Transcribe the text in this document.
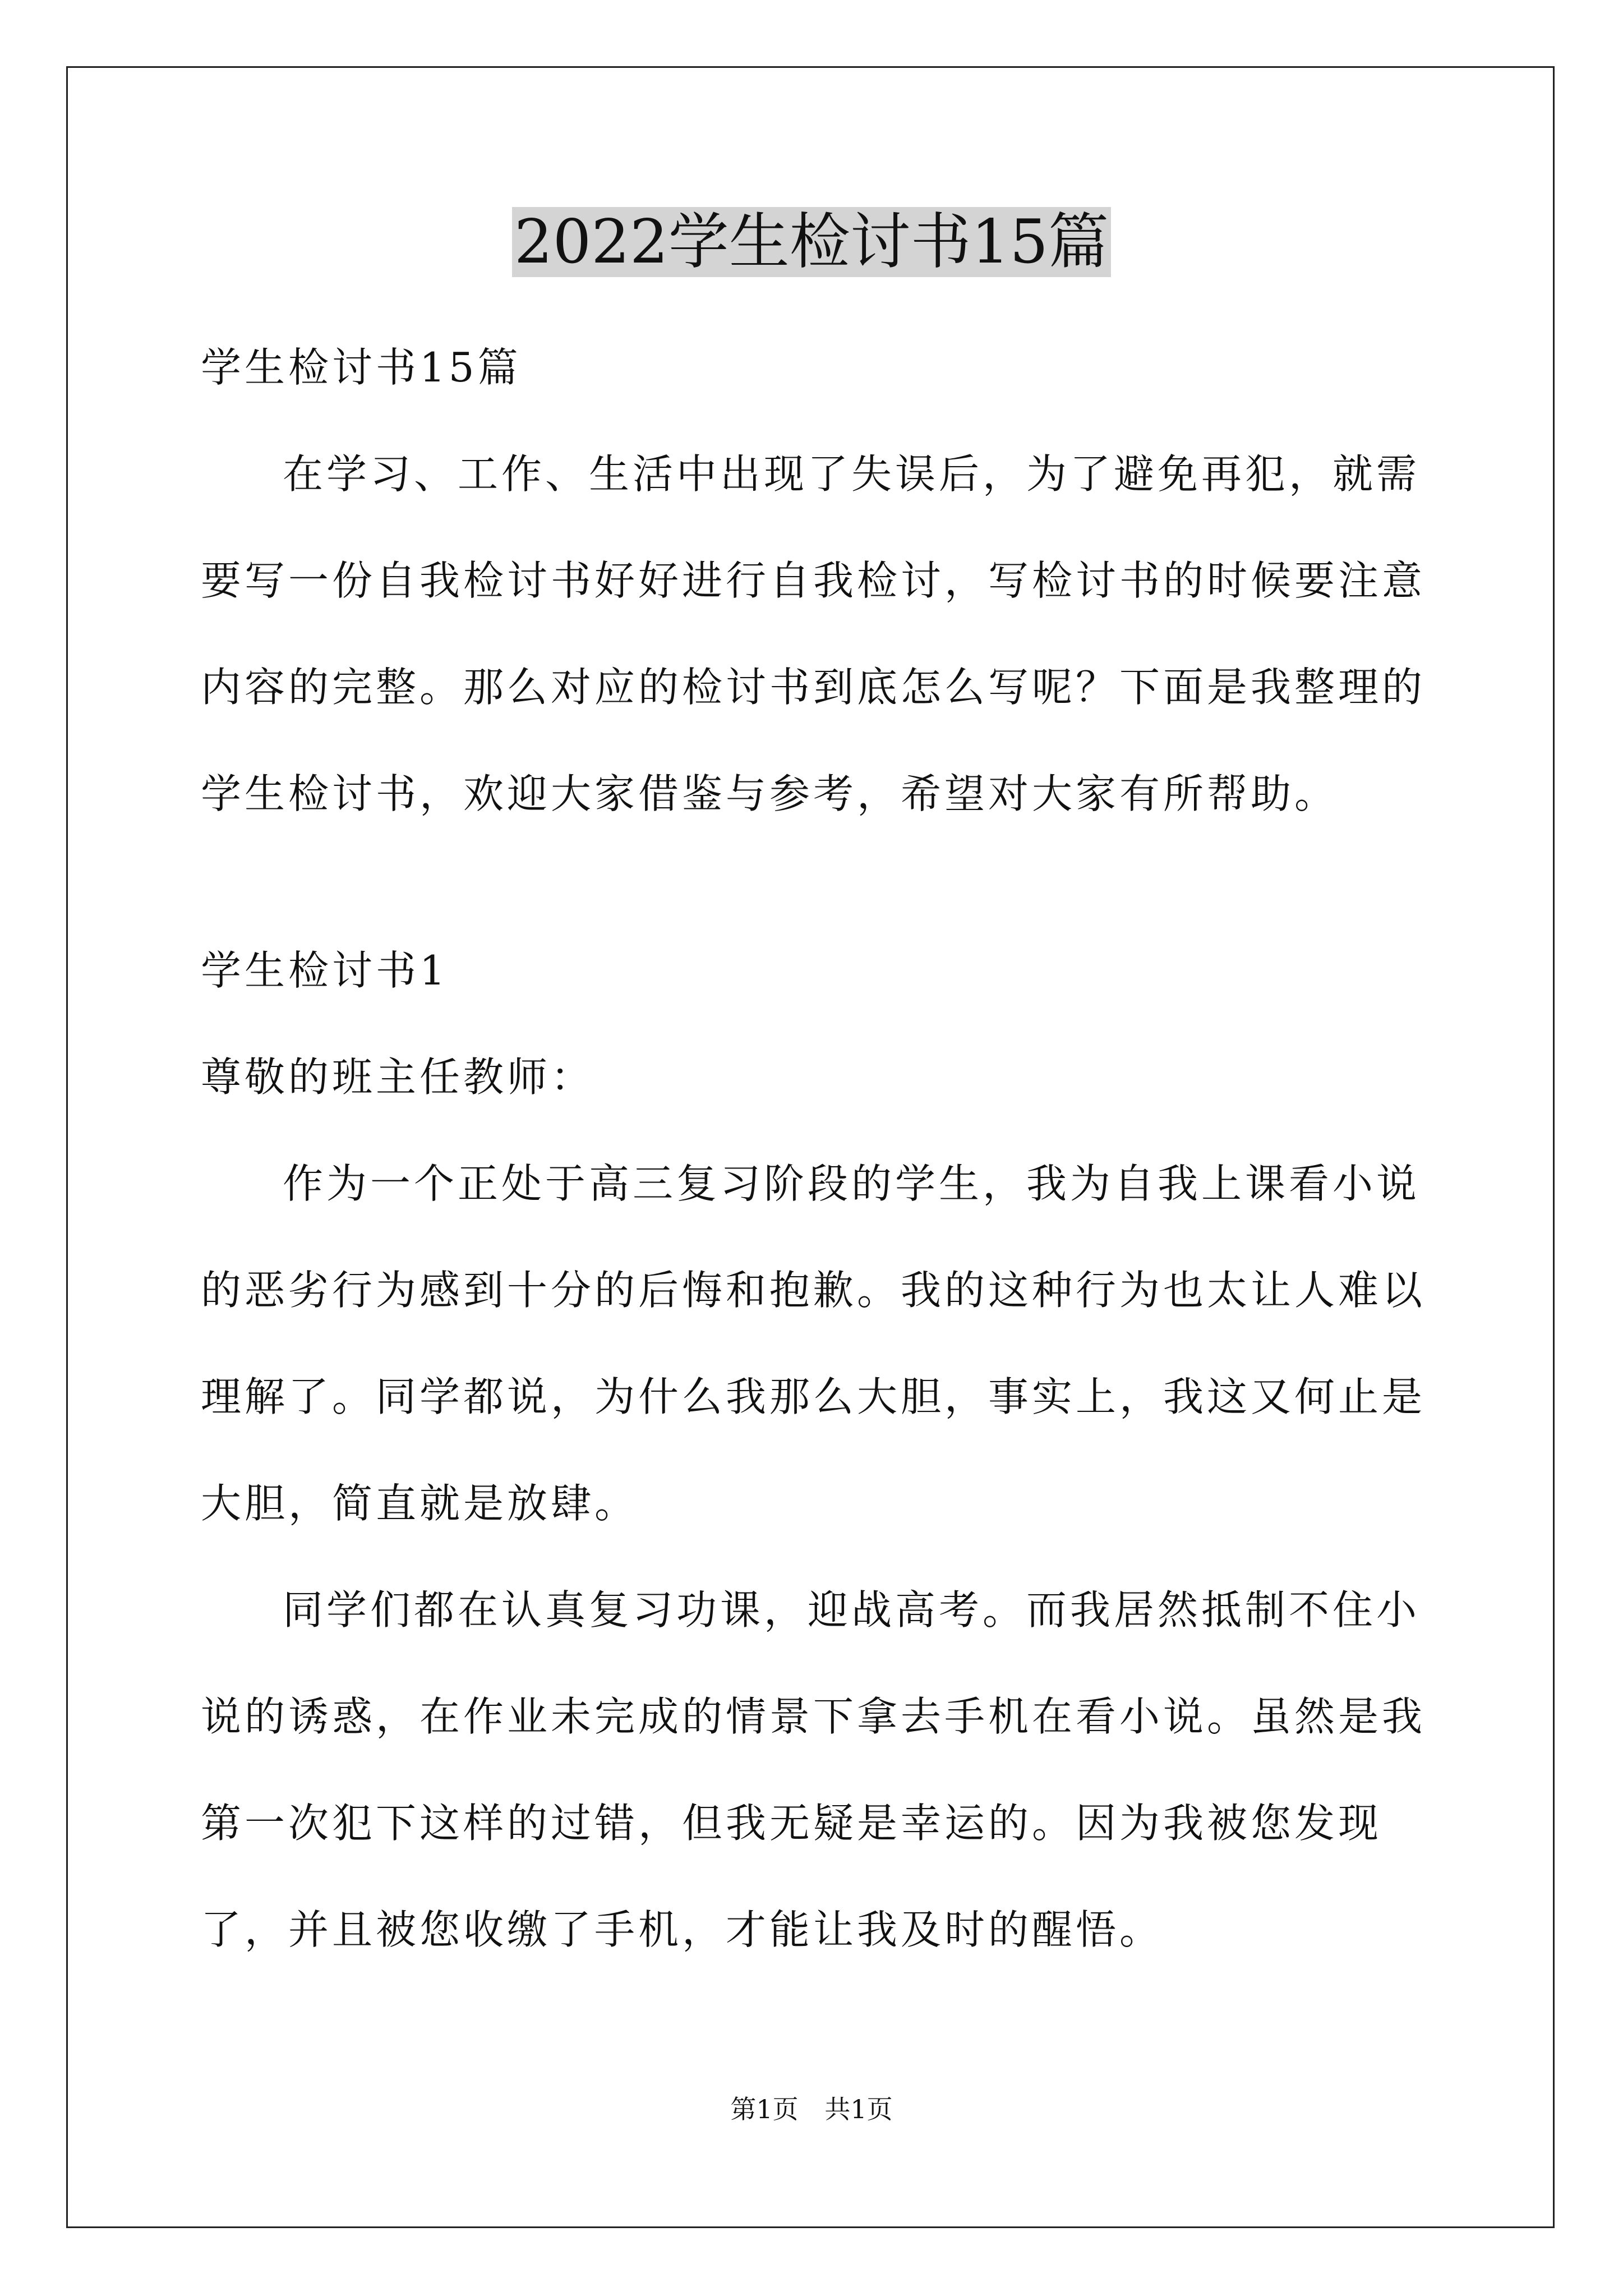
2022学生检讨书15篇

学生检讨书15篇

在学习、工作、生活中出现了失误后，为了避免再犯，就需要写一份自我检讨书好好进行自我检讨，写检讨书的时候要注意内容的完整。那么对应的检讨书到底怎么写呢？下面是我整理的学生检讨书，欢迎大家借鉴与参考，希望对大家有所帮助。

学生检讨书1

尊敬的班主任教师：

作为一个正处于高三复习阶段的学生，我为自我上课看小说的恶劣行为感到十分的后悔和抱歉。我的这种行为也太让人难以理解了。同学都说，为什么我那么大胆，事实上，我这又何止是大胆，简直就是放肆。

同学们都在认真复习功课，迎战高考。而我居然抵制不住小说的诱惑，在作业未完成的情景下拿去手机在看小说。虽然是我第一次犯下这样的过错，但我无疑是幸运的。因为我被您发现了，并且被您收缴了手机，才能让我及时的醒悟。

第1页 共1页
